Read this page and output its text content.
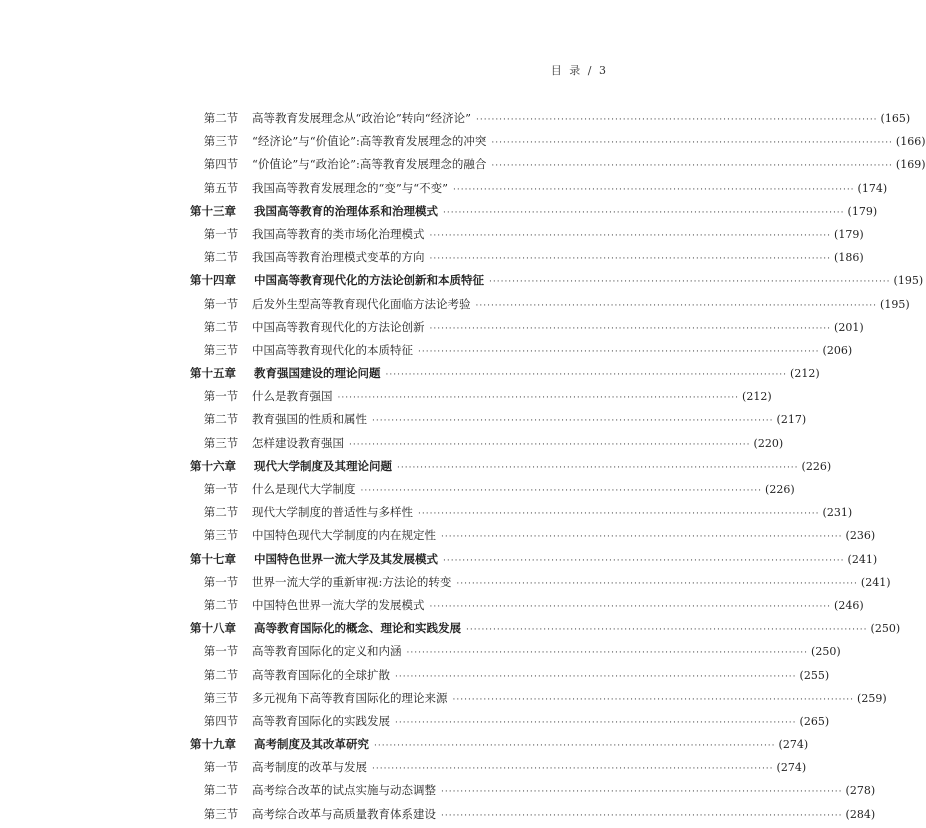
目 录 / 3
第二节	高等教育发展理念从“政治论”转向“经济论” ·····	(165)
第三节	“经济论”与“价值论”:高等教育发展理念的冲突 ·····	(166)
第四节	“价值论”与“政治论”:高等教育发展理念的融合 ·····	(169)
第五节	我国高等教育发展理念的“变”与“不变” ·····	(174)
第十三章	我国高等教育的治理体系和治理模式 ·····	(179)
第一节	我国高等教育的类市场化治理模式 ·····	(179)
第二节	我国高等教育治理模式变革的方向 ·····	(186)
第十四章	中国高等教育现代化的方法论创新和本质特征 ·····	(195)
第一节	后发外生型高等教育现代化面临方法论考验 ·····	(195)
第二节	中国高等教育现代化的方法论创新 ·····	(201)
第三节	中国高等教育现代化的本质特征 ·····	(206)
第十五章	教育强国建设的理论问题 ·····	(212)
第一节	什么是教育强国 ·····	(212)
第二节	教育强国的性质和属性 ·····	(217)
第三节	怎样建设教育强国 ·····	(220)
第十六章	现代大学制度及其理论问题 ·····	(226)
第一节	什么是现代大学制度 ·····	(226)
第二节	现代大学制度的普适性与多样性 ·····	(231)
第三节	中国特色现代大学制度的内在规定性 ·····	(236)
第十七章	中国特色世界一流大学及其发展模式 ·····	(241)
第一节	世界一流大学的重新审视:方法论的转变 ·····	(241)
第二节	中国特色世界一流大学的发展模式 ·····	(246)
第十八章	高等教育国际化的概念、理论和实践发展 ·····	(250)
第一节	高等教育国际化的定义和内涵 ·····	(250)
第二节	高等教育国际化的全球扩散 ·····	(255)
第三节	多元视角下高等教育国际化的理论来源 ·····	(259)
第四节	高等教育国际化的实践发展 ·····	(265)
第十九章	高考制度及其改革研究 ·····	(274)
第一节	高考制度的改革与发展 ·····	(274)
第二节	高考综合改革的试点实施与动态调整 ·····	(278)
第三节	高考综合改革与高质量教育体系建设 ·····	(284)
